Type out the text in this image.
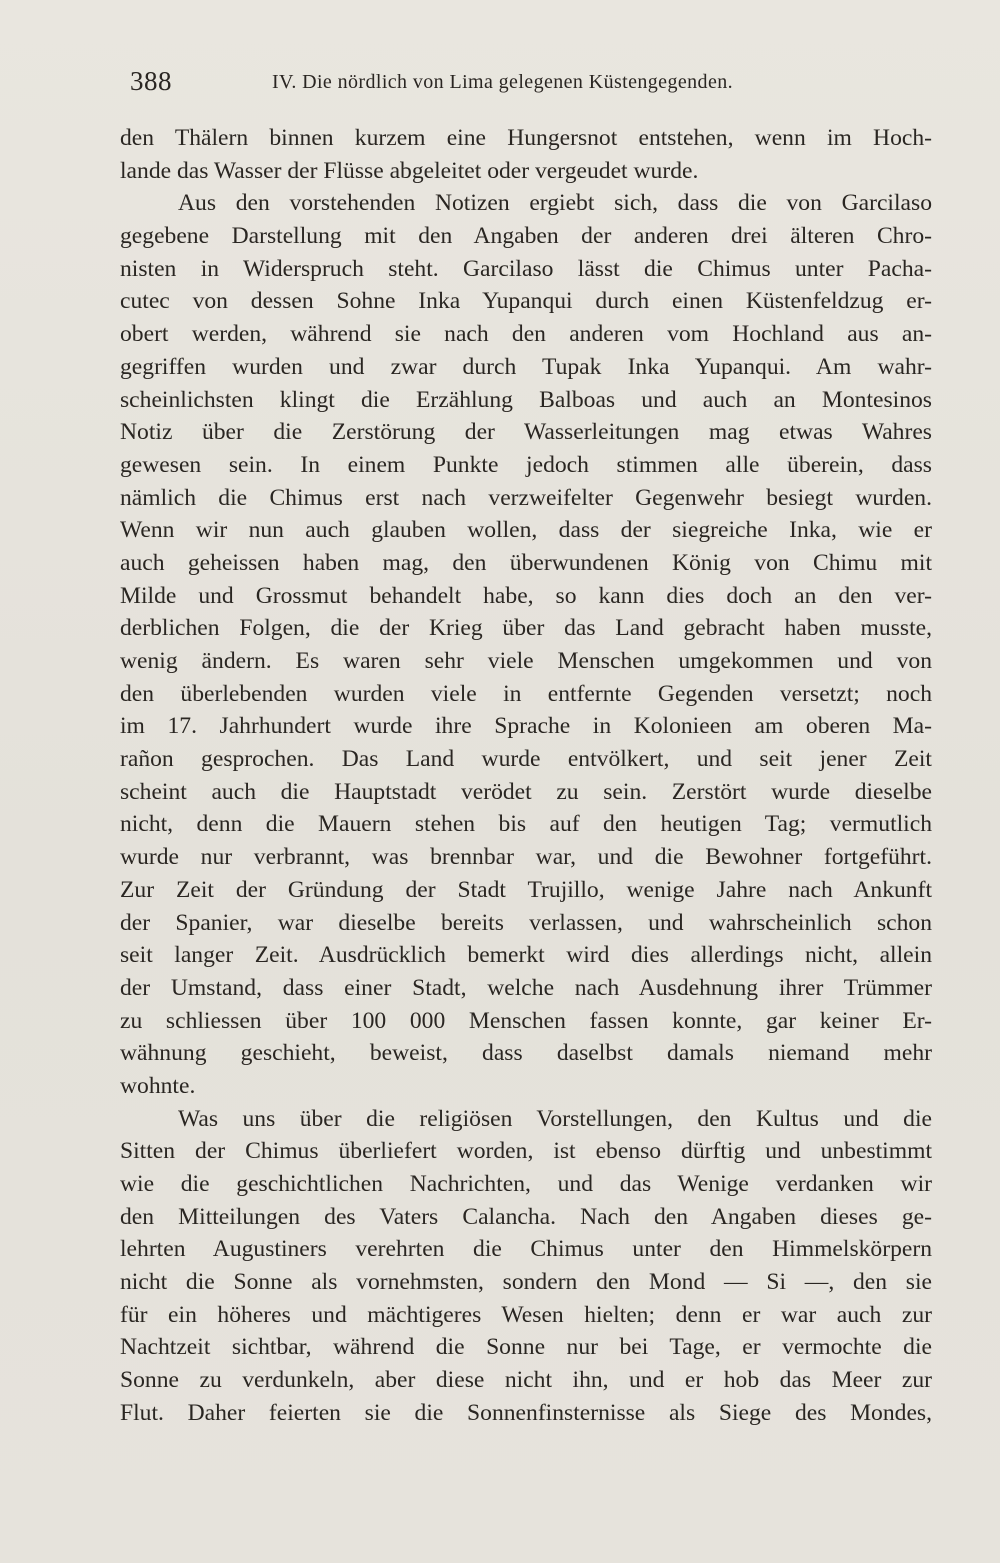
388	IV. Die nördlich von Lima gelegenen Küstengegenden.

den Thälern binnen kurzem eine Hungersnot entstehen, wenn im Hoch-
lande das Wasser der Flüsse abgeleitet oder vergeudet wurde.

Aus den vorstehenden Notizen ergiebt sich, dass die von Garcilaso
gegebene Darstellung mit den Angaben der anderen drei älteren Chro-
nisten in Widerspruch steht. Garcilaso lässt die Chimus unter Pacha-
cutec von dessen Sohne Inka Yupanqui durch einen Küstenfeldzug er-
obert werden, während sie nach den anderen vom Hochland aus an-
gegriffen wurden und zwar durch Tupak Inka Yupanqui. Am wahr-
scheinlichsten klingt die Erzählung Balboas und auch an Montesinos
Notiz über die Zerstörung der Wasserleitungen mag etwas Wahres
gewesen sein. In einem Punkte jedoch stimmen alle überein, dass
nämlich die Chimus erst nach verzweifelter Gegenwehr besiegt wurden.
Wenn wir nun auch glauben wollen, dass der siegreiche Inka, wie er
auch geheissen haben mag, den überwundenen König von Chimu mit
Milde und Grossmut behandelt habe, so kann dies doch an den ver-
derblichen Folgen, die der Krieg über das Land gebracht haben musste,
wenig ändern. Es waren sehr viele Menschen umgekommen und von
den überlebenden wurden viele in entfernte Gegenden versetzt; noch
im 17. Jahrhundert wurde ihre Sprache in Kolonieen am oberen Ma-
rañon gesprochen. Das Land wurde entvölkert, und seit jener Zeit
scheint auch die Hauptstadt verödet zu sein. Zerstört wurde dieselbe
nicht, denn die Mauern stehen bis auf den heutigen Tag; vermutlich
wurde nur verbrannt, was brennbar war, und die Bewohner fortgeführt.
Zur Zeit der Gründung der Stadt Trujillo, wenige Jahre nach Ankunft
der Spanier, war dieselbe bereits verlassen, und wahrscheinlich schon
seit langer Zeit. Ausdrücklich bemerkt wird dies allerdings nicht, allein
der Umstand, dass einer Stadt, welche nach Ausdehnung ihrer Trümmer
zu schliessen über 100 000 Menschen fassen konnte, gar keiner Er-
wähnung geschieht, beweist, dass daselbst damals niemand mehr
wohnte.

Was uns über die religiösen Vorstellungen, den Kultus und die
Sitten der Chimus überliefert worden, ist ebenso dürftig und unbestimmt
wie die geschichtlichen Nachrichten, und das Wenige verdanken wir
den Mitteilungen des Vaters Calancha. Nach den Angaben dieses ge-
lehrten Augustiners verehrten die Chimus unter den Himmelskörpern
nicht die Sonne als vornehmsten, sondern den Mond — Si —, den sie
für ein höheres und mächtigeres Wesen hielten; denn er war auch zur
Nachtzeit sichtbar, während die Sonne nur bei Tage, er vermochte die
Sonne zu verdunkeln, aber diese nicht ihn, und er hob das Meer zur
Flut. Daher feierten sie die Sonnenfinsternisse als Siege des Mondes,
